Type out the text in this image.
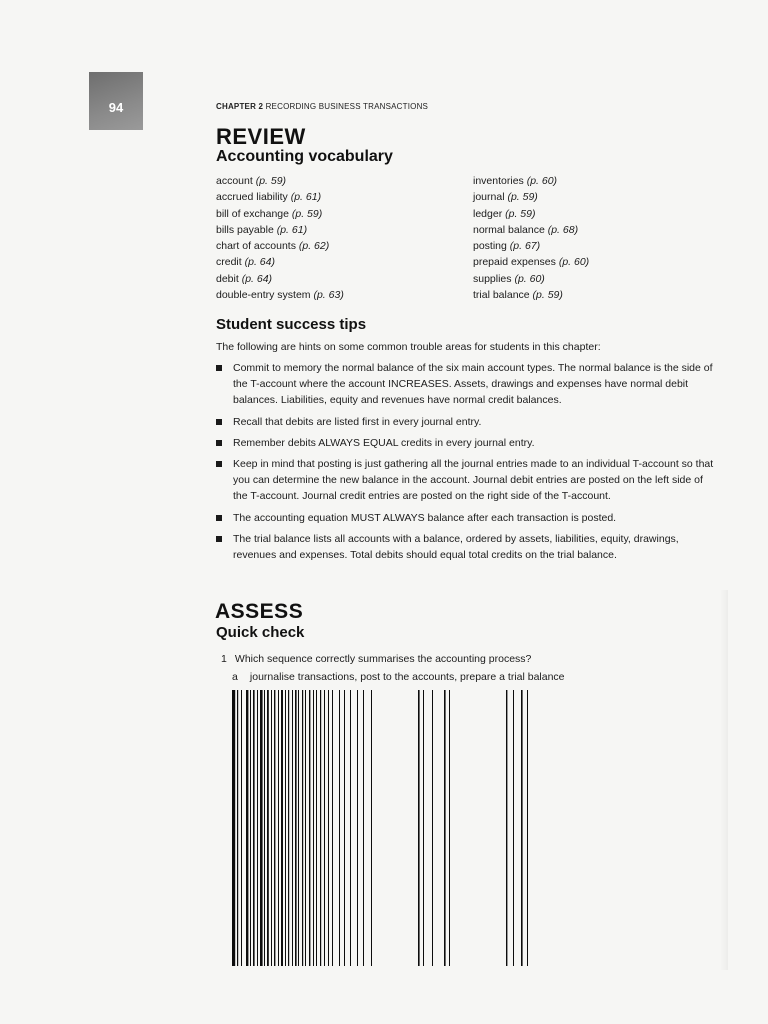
94	CHAPTER 2 RECORDING BUSINESS TRANSACTIONS
REVIEW
Accounting vocabulary
account (p. 59)
accrued liability (p. 61)
bill of exchange (p. 59)
bills payable (p. 61)
chart of accounts (p. 62)
credit (p. 64)
debit (p. 64)
double-entry system (p. 63)
inventories (p. 60)
journal (p. 59)
ledger (p. 59)
normal balance (p. 68)
posting (p. 67)
prepaid expenses (p. 60)
supplies (p. 60)
trial balance (p. 59)
Student success tips
The following are hints on some common trouble areas for students in this chapter:
Commit to memory the normal balance of the six main account types. The normal balance is the side of the T-account where the account INCREASES. Assets, drawings and expenses have normal debit balances. Liabilities, equity and revenues have normal credit balances.
Recall that debits are listed first in every journal entry.
Remember debits ALWAYS EQUAL credits in every journal entry.
Keep in mind that posting is just gathering all the journal entries made to an individual T-account so that you can determine the new balance in the account. Journal debit entries are posted on the left side of the T-account. Journal credit entries are posted on the right side of the T-account.
The accounting equation MUST ALWAYS balance after each transaction is posted.
The trial balance lists all accounts with a balance, ordered by assets, liabilities, equity, drawings, revenues and expenses. Total debits should equal total credits on the trial balance.
ASSESS
Quick check
1 Which sequence correctly summarises the accounting process?
a journalise transactions, post to the accounts, prepare a trial balance
